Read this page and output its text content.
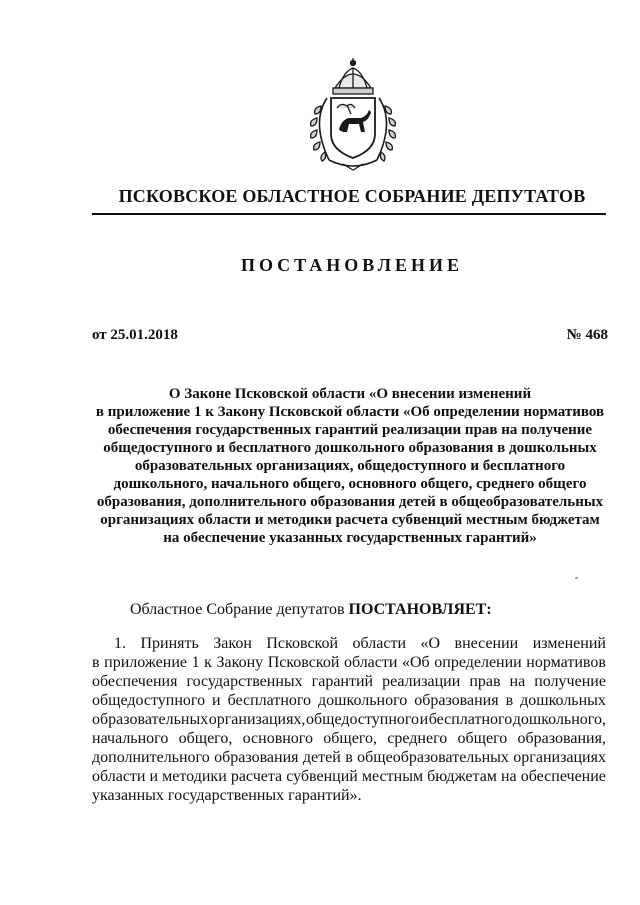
ПСКОВСКОЕ ОБЛАСТНОЕ СОБРАНИЕ ДЕПУТАТОВ
ПОСТАНОВЛЕНИЕ
от 25.01.2018	№ 468
О Законе Псковской области «О внесении изменений
в приложение 1 к Закону Псковской области «Об определении нормативов
обеспечения государственных гарантий реализации прав на получение
общедоступного и бесплатного дошкольного образования в дошкольных
образовательных организациях, общедоступного и бесплатного
дошкольного, начального общего, основного общего, среднего общего
образования, дополнительного образования детей в общеобразовательных
организациях области и методики расчета субвенций местным бюджетам
на обеспечение указанных государственных гарантий»
Областное Собрание депутатов ПОСТАНОВЛЯЕТ:
1. Принять Закон Псковской области «О внесении изменений
в приложение 1 к Закону Псковской области «Об определении нормативов
обеспечения государственных гарантий реализации прав на получение
общедоступного и бесплатного дошкольного образования в дошкольных
образовательных организациях, общедоступного и бесплатного дошкольного,
начального общего, основного общего, среднего общего образования,
дополнительного образования детей в общеобразовательных организациях
области и методики расчета субвенций местным бюджетам на обеспечение
указанных государственных гарантий».
